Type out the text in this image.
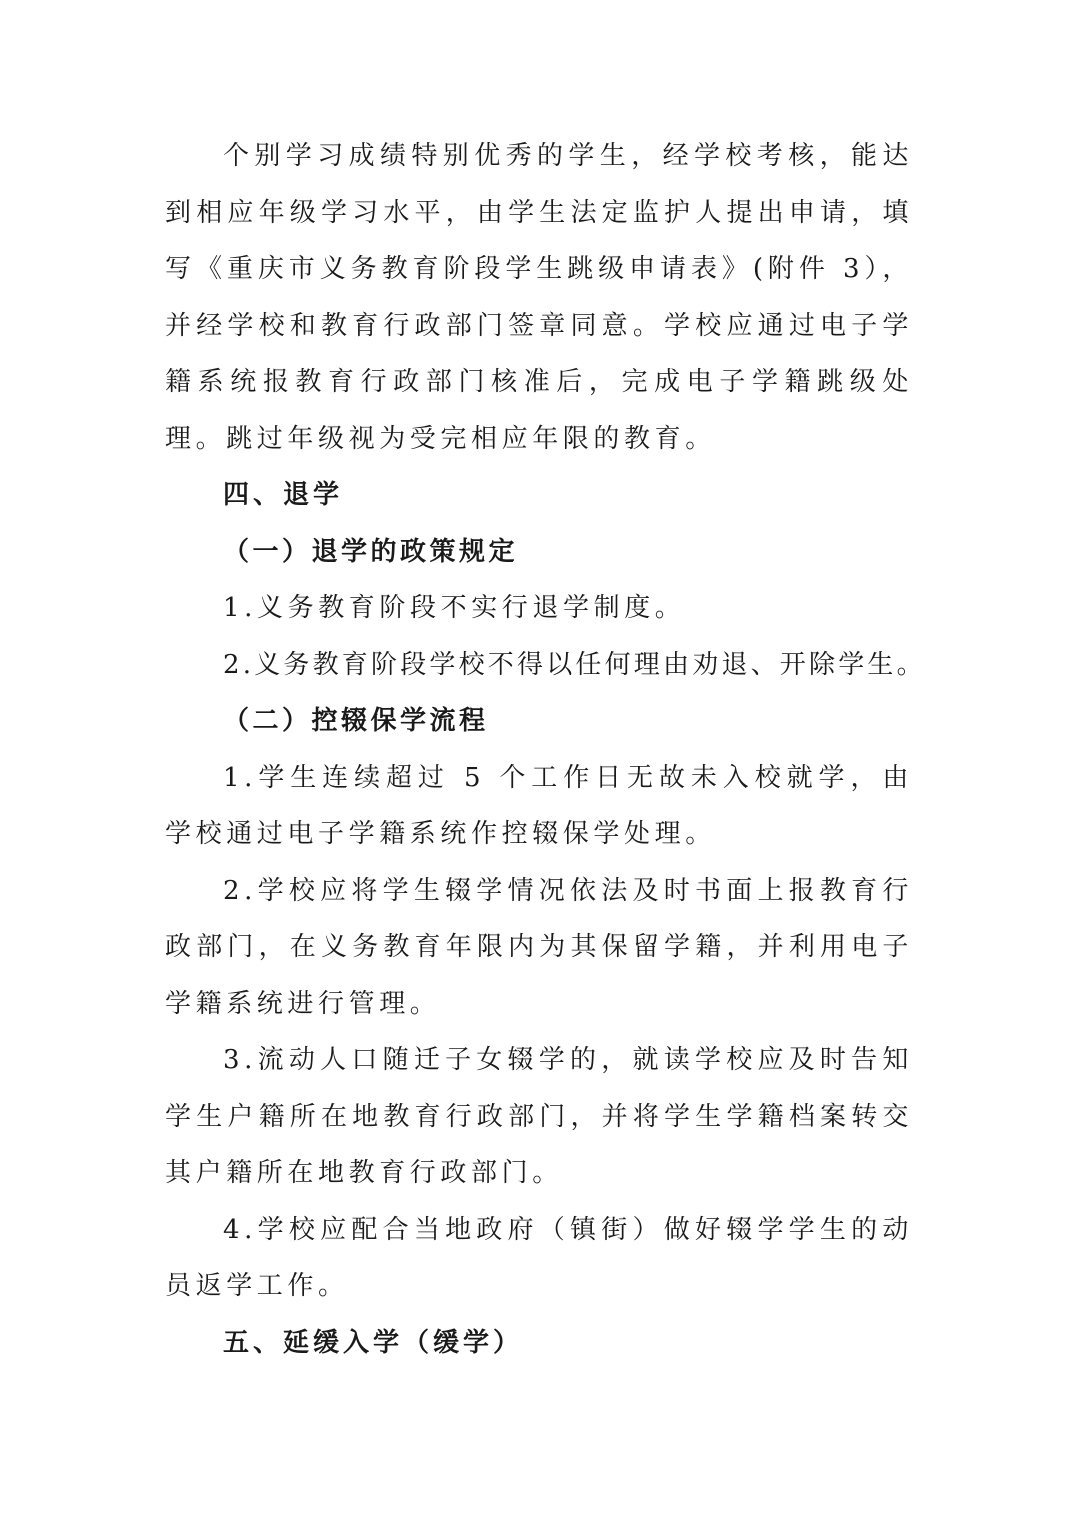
个别学习成绩特别优秀的学生，经学校考核，能达到相应年级学习水平，由学生法定监护人提出申请，填写《重庆市义务教育阶段学生跳级申请表》(附件 3），并经学校和教育行政部门签章同意。学校应通过电子学籍系统报教育行政部门核准后，完成电子学籍跳级处理。跳过年级视为受完相应年限的教育。

四、退学

（一）退学的政策规定

1.义务教育阶段不实行退学制度。

2.义务教育阶段学校不得以任何理由劝退、开除学生。

（二）控辍保学流程

1.学生连续超过 5 个工作日无故未入校就学，由学校通过电子学籍系统作控辍保学处理。

2.学校应将学生辍学情况依法及时书面上报教育行政部门，在义务教育年限内为其保留学籍，并利用电子学籍系统进行管理。

3.流动人口随迁子女辍学的，就读学校应及时告知学生户籍所在地教育行政部门，并将学生学籍档案转交其户籍所在地教育行政部门。

4.学校应配合当地政府（镇街）做好辍学学生的动员返学工作。

五、延缓入学（缓学）
